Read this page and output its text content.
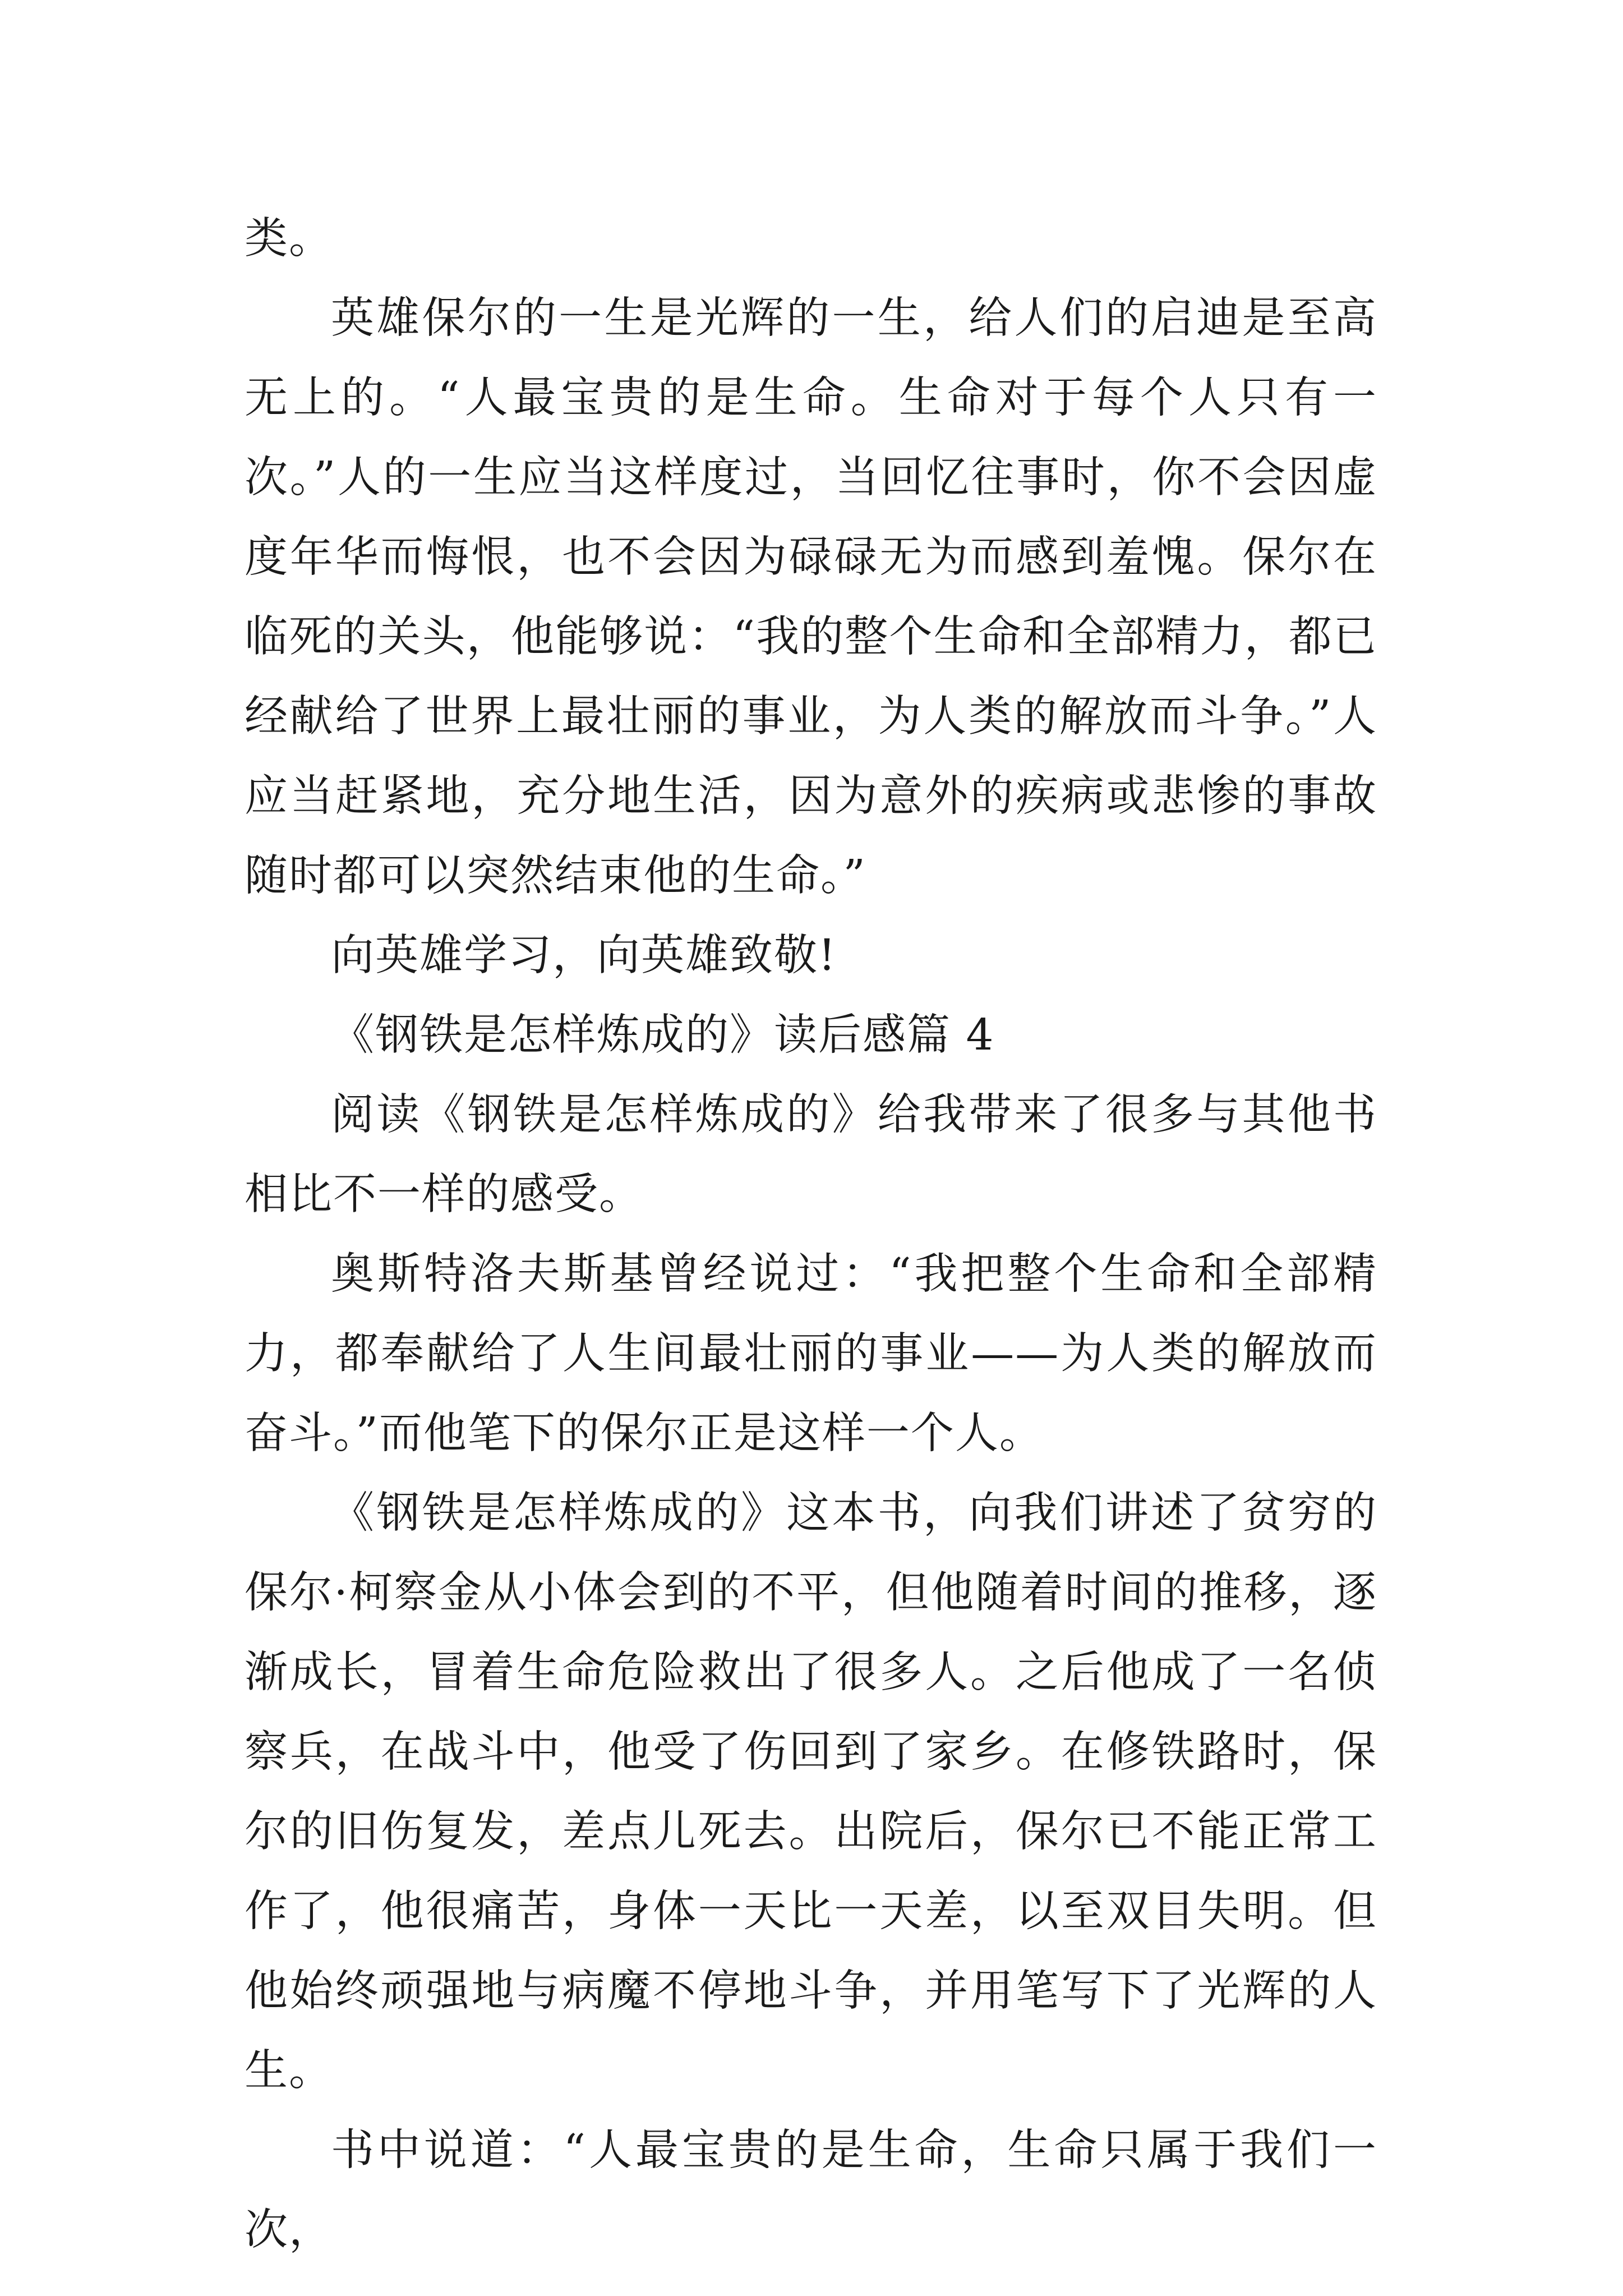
类。

英雄保尔的一生是光辉的一生，给人们的启迪是至高无上的。“人最宝贵的是生命。生命对于每个人只有一次。”人的一生应当这样度过，当回忆往事时，你不会因虚度年华而悔恨，也不会因为碌碌无为而感到羞愧。保尔在临死的关头，他能够说：“我的整个生命和全部精力，都已经献给了世界上最壮丽的事业，为人类的解放而斗争。”人应当赶紧地，充分地生活，因为意外的疾病或悲惨的事故随时都可以突然结束他的生命。”

向英雄学习，向英雄致敬!

《钢铁是怎样炼成的》读后感篇 4

阅读《钢铁是怎样炼成的》给我带来了很多与其他书相比不一样的感受。

奥斯特洛夫斯基曾经说过：“我把整个生命和全部精力，都奉献给了人生间最壮丽的事业——为人类的解放而奋斗。”而他笔下的保尔正是这样一个人。

《钢铁是怎样炼成的》这本书，向我们讲述了贫穷的保尔·柯察金从小体会到的不平，但他随着时间的推移，逐渐成长，冒着生命危险救出了很多人。之后他成了一名侦察兵，在战斗中，他受了伤回到了家乡。在修铁路时，保尔的旧伤复发，差点儿死去。出院后，保尔已不能正常工作了，他很痛苦，身体一天比一天差，以至双目失明。但他始终顽强地与病魔不停地斗争，并用笔写下了光辉的人生。

书中说道：“人最宝贵的是生命，生命只属于我们一次，
